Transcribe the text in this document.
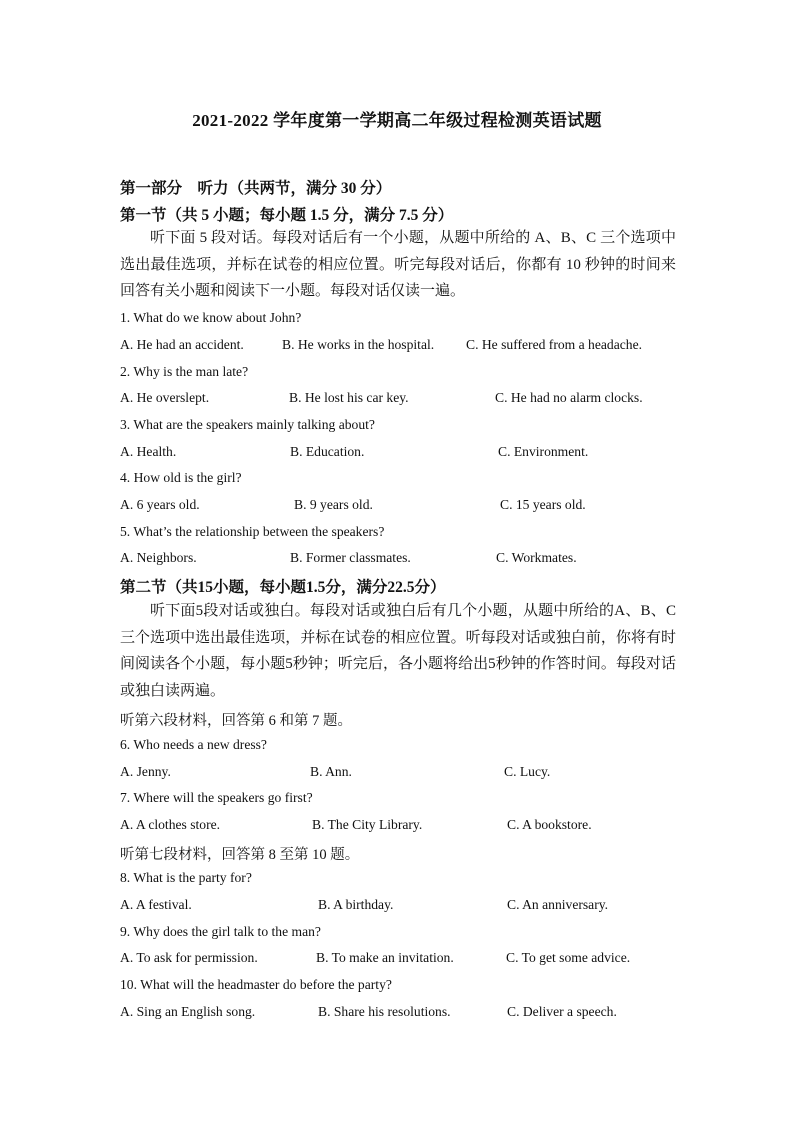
2021-2022 学年度第一学期高二年级过程检测英语试题
第一部分　听力（共两节，满分 30 分）
第一节（共 5 小题；每小题 1.5 分，满分 7.5 分）
听下面 5 段对话。每段对话后有一个小题，从题中所给的 A、B、C 三个选项中选出最佳选项，并标在试卷的相应位置。听完每段对话后，你都有 10 秒钟的时间来回答有关小题和阅读下一小题。每段对话仅读一遍。
1. What do we know about John?
A. He had an accident.	B. He works in the hospital. C. He suffered from a headache.
2. Why is the man late?
A. He overslept.	B. He lost his car key.	C. He had no alarm clocks.
3. What are the speakers mainly talking about?
A. Health.	B. Education.	C. Environment.
4. How old is the girl?
A. 6 years old.	B. 9 years old.	C. 15 years old.
5. What’s the relationship between the speakers?
A. Neighbors.	B. Former classmates.	C. Workmates.
第二节（共15小题，每小题1.5分，满分22.5分）
听下面5段对话或独白。每段对话或独白后有几个小题，从题中所给的A、B、C三个选项中选出最佳选项，并标在试卷的相应位置。听每段对话或独白前，你将有时间阅读各个小题，每小题5秒钟；听完后，各小题将给出5秒钟的作答时间。每段对话或独白读两遍。
听第六段材料，回答第 6 和第 7 题。
6. Who needs a new dress?
A. Jenny.	B. Ann.	C. Lucy.
7. Where will the speakers go first?
A. A clothes store.	B. The City Library.	C. A bookstore.
听第七段材料，回答第 8 至第 10 题。
8. What is the party for?
A. A festival.	B. A birthday.	C. An anniversary.
9. Why does the girl talk to the man?
A. To ask for permission.	B. To make an invitation.	C. To get some advice.
10. What will the headmaster do before the party?
A. Sing an English song.	B. Share his resolutions.	C. Deliver a speech.
